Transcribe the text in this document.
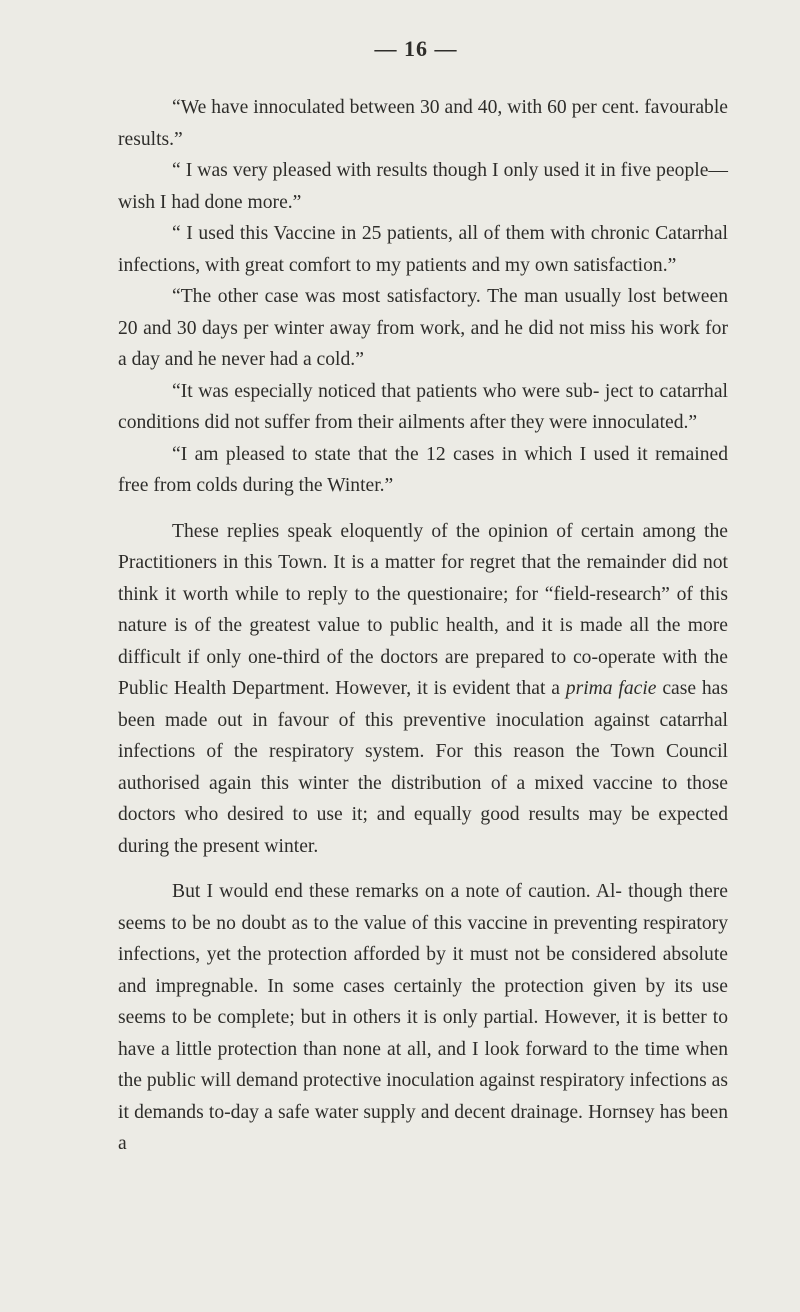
— 16 —

“We have innoculated between 30 and 40, with 60 per cent. favourable results.”

“ I was very pleased with results though I only used it in five people—wish I had done more.”

“ I used this Vaccine in 25 patients, all of them with chronic Catarrhal infections, with great comfort to my patients and my own satisfaction.”

“The other case was most satisfactory. The man usually lost between 20 and 30 days per winter away from work, and he did not miss his work for a day and he never had a cold.”

“It was especially noticed that patients who were sub- ject to catarrhal conditions did not suffer from their ailments after they were innoculated.”

“I am pleased to state that the 12 cases in which I used it remained free from colds during the Winter.”

These replies speak eloquently of the opinion of certain among the Practitioners in this Town. It is a matter for regret that the remainder did not think it worth while to reply to the questionaire; for “field-research” of this nature is of the greatest value to public health, and it is made all the more difficult if only one-third of the doctors are prepared to co-operate with the Public Health Department. However, it is evident that a prima facie case has been made out in favour of this preventive inoculation against catarrhal infections of the respiratory system. For this reason the Town Council authorised again this winter the distribution of a mixed vaccine to those doctors who desired to use it; and equally good results may be expected during the present winter.

But I would end these remarks on a note of caution. Al- though there seems to be no doubt as to the value of this vaccine in preventing respiratory infections, yet the protection afforded by it must not be considered absolute and impregnable. In some cases certainly the protection given by its use seems to be complete; but in others it is only partial. However, it is better to have a little protection than none at all, and I look forward to the time when the public will demand protective inoculation against respiratory infections as it demands to-day a safe water supply and decent drainage. Hornsey has been a
